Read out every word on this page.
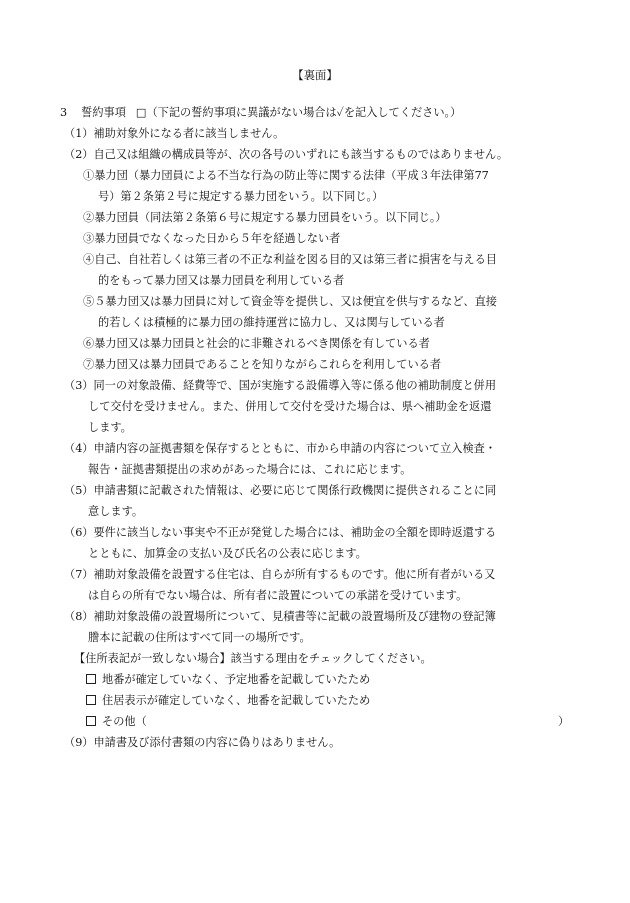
【裏面】
3 誓約事項 □（下記の誓約事項に異議がない場合は✓を記入してください。）
（1）補助対象外になる者に該当しません。
（2）自己又は組織の構成員等が、次の各号のいずれにも該当するものではありません。
①暴力団（暴力団員による不当な行為の防止等に関する法律（平成３年法律第77
号）第２条第２号に規定する暴力団をいう。以下同じ。）
②暴力団員（同法第２条第６号に規定する暴力団員をいう。以下同じ。）
③暴力団員でなくなった日から５年を経過しない者
④自己、自社若しくは第三者の不正な利益を図る目的又は第三者に損害を与える目
的をもって暴力団又は暴力団員を利用している者
⑤５暴力団又は暴力団員に対して資金等を提供し、又は便宜を供与するなど、直接
的若しくは積極的に暴力団の維持運営に協力し、又は関与している者
⑥暴力団又は暴力団員と社会的に非難されるべき関係を有している者
⑦暴力団又は暴力団員であることを知りながらこれらを利用している者
（3）同一の対象設備、経費等で、国が実施する設備導入等に係る他の補助制度と併用
して交付を受けません。また、併用して交付を受けた場合は、県へ補助金を返還
します。
（4）申請内容の証拠書類を保存するとともに、市から申請の内容について立入検査・
報告・証拠書類提出の求めがあった場合には、これに応じます。
（5）申請書類に記載された情報は、必要に応じて関係行政機関に提供されることに同
意します。
（6）要件に該当しない事実や不正が発覚した場合には、補助金の全額を即時返還する
とともに、加算金の支払い及び氏名の公表に応じます。
（7）補助対象設備を設置する住宅は、自らが所有するものです。他に所有者がいる又
は自らの所有でない場合は、所有者に設置についての承諾を受けています。
（8）補助対象設備の設置場所について、見積書等に記載の設置場所及び建物の登記簿
謄本に記載の住所はすべて同一の場所です。
【住所表記が一致しない場合】該当する理由をチェックしてください。
地番が確定していなく、予定地番を記載していたため
住居表示が確定していなく、地番を記載していたため
その他（	）
（9）申請書及び添付書類の内容に偽りはありません。
